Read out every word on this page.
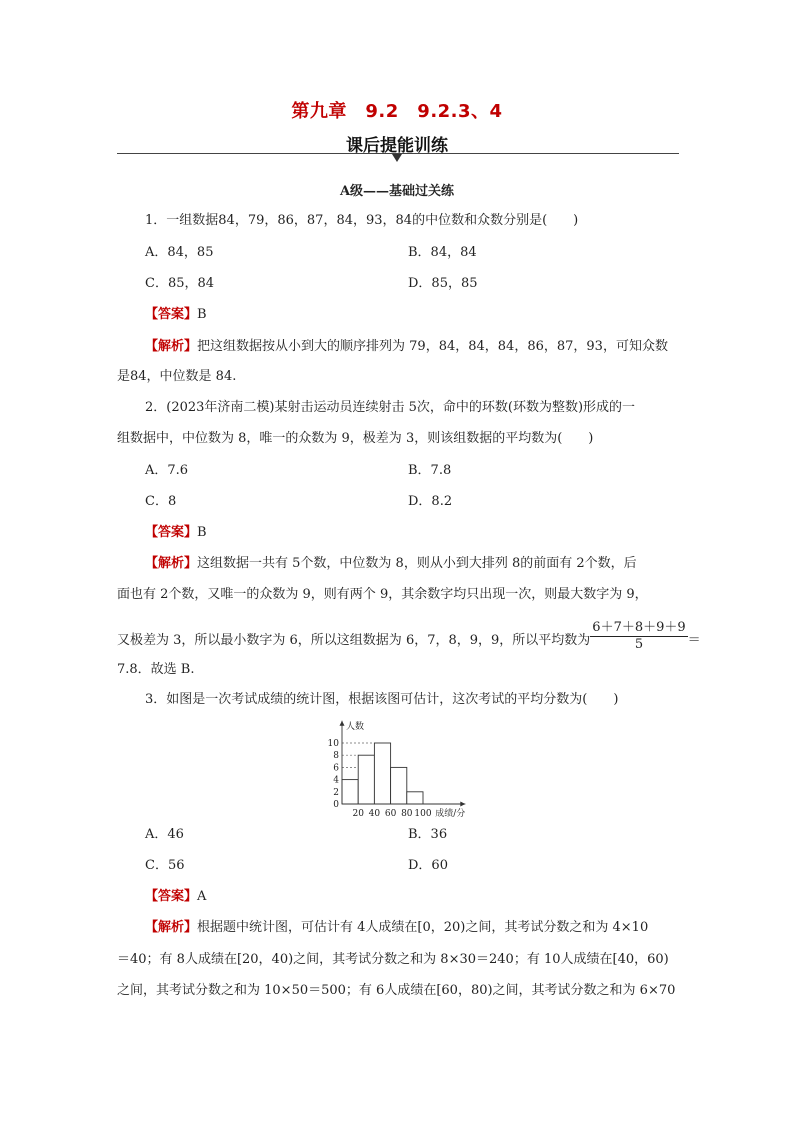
第九章　9.2　9.2.3、4
课后提能训练
A级——基础过关练
1．一组数据84，79，86，87，84，93，84的中位数和众数分别是(　　)
A．84，85	B．84，84
C．85，84	D．85，85
【答案】B
【解析】把这组数据按从小到大的顺序排列为 79，84，84，84，86，87，93，可知众数
是84，中位数是 84.
2．(2023年济南二模)某射击运动员连续射击 5次，命中的环数(环数为整数)形成的一
组数据中，中位数为 8，唯一的众数为 9，极差为 3，则该组数据的平均数为(　　)
A．7.6	B．7.8
C．8	D．8.2
【答案】B
【解析】这组数据一共有 5个数，中位数为 8，则从小到大排列 8的前面有 2个数，后
面也有 2个数，又唯一的众数为 9，则有两个 9，其余数字均只出现一次，则最大数字为 9，
又极差为 3，所以最小数字为 6，所以这组数据为 6，7，8，9，9，所以平均数为 $\frac{6+7+8+9+9}{5}$ ＝
7.8．故选 B.
3．如图是一次考试成绩的统计图，根据该图可估计，这次考试的平均分数为(　　)
0
2
4
6
8
10
20 40 60 80 100
人数
成绩/分
A．46	B．36
C．56	D．60
【答案】A
【解析】根据题中统计图，可估计有 4人成绩在[0，20)之间，其考试分数之和为 4×10
＝40；有 8人成绩在[20，40)之间，其考试分数之和为 8×30＝240；有 10人成绩在[40，60)
之间，其考试分数之和为 10×50＝500；有 6人成绩在[60，80)之间，其考试分数之和为 6×70
